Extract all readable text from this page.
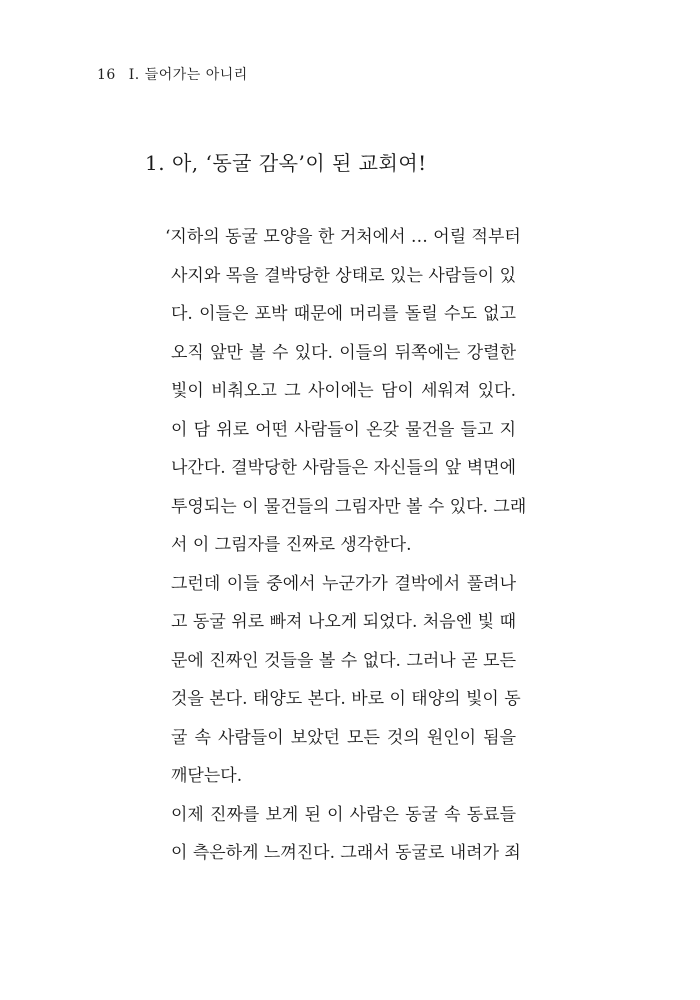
16 I. 들어가는 아니리
1. 아, ‘동굴 감옥’이 된 교회여!
‘지하의 동굴 모양을 한 거처에서 … 어릴 적부터
사지와 목을 결박당한 상태로 있는 사람들이 있
다. 이들은 포박 때문에 머리를 돌릴 수도 없고
오직 앞만 볼 수 있다. 이들의 뒤쪽에는 강렬한
빛이 비춰오고 그 사이에는 담이 세워져 있다.
이 담 위로 어떤 사람들이 온갖 물건을 들고 지
나간다. 결박당한 사람들은 자신들의 앞 벽면에
투영되는 이 물건들의 그림자만 볼 수 있다. 그래
서 이 그림자를 진짜로 생각한다.
그런데 이들 중에서 누군가가 결박에서 풀려나
고 동굴 위로 빠져 나오게 되었다. 처음엔 빛 때
문에 진짜인 것들을 볼 수 없다. 그러나 곧 모든
것을 본다. 태양도 본다. 바로 이 태양의 빛이 동
굴 속 사람들이 보았던 모든 것의 원인이 됨을
깨닫는다.
이제 진짜를 보게 된 이 사람은 동굴 속 동료들
이 측은하게 느껴진다. 그래서 동굴로 내려가 죄
